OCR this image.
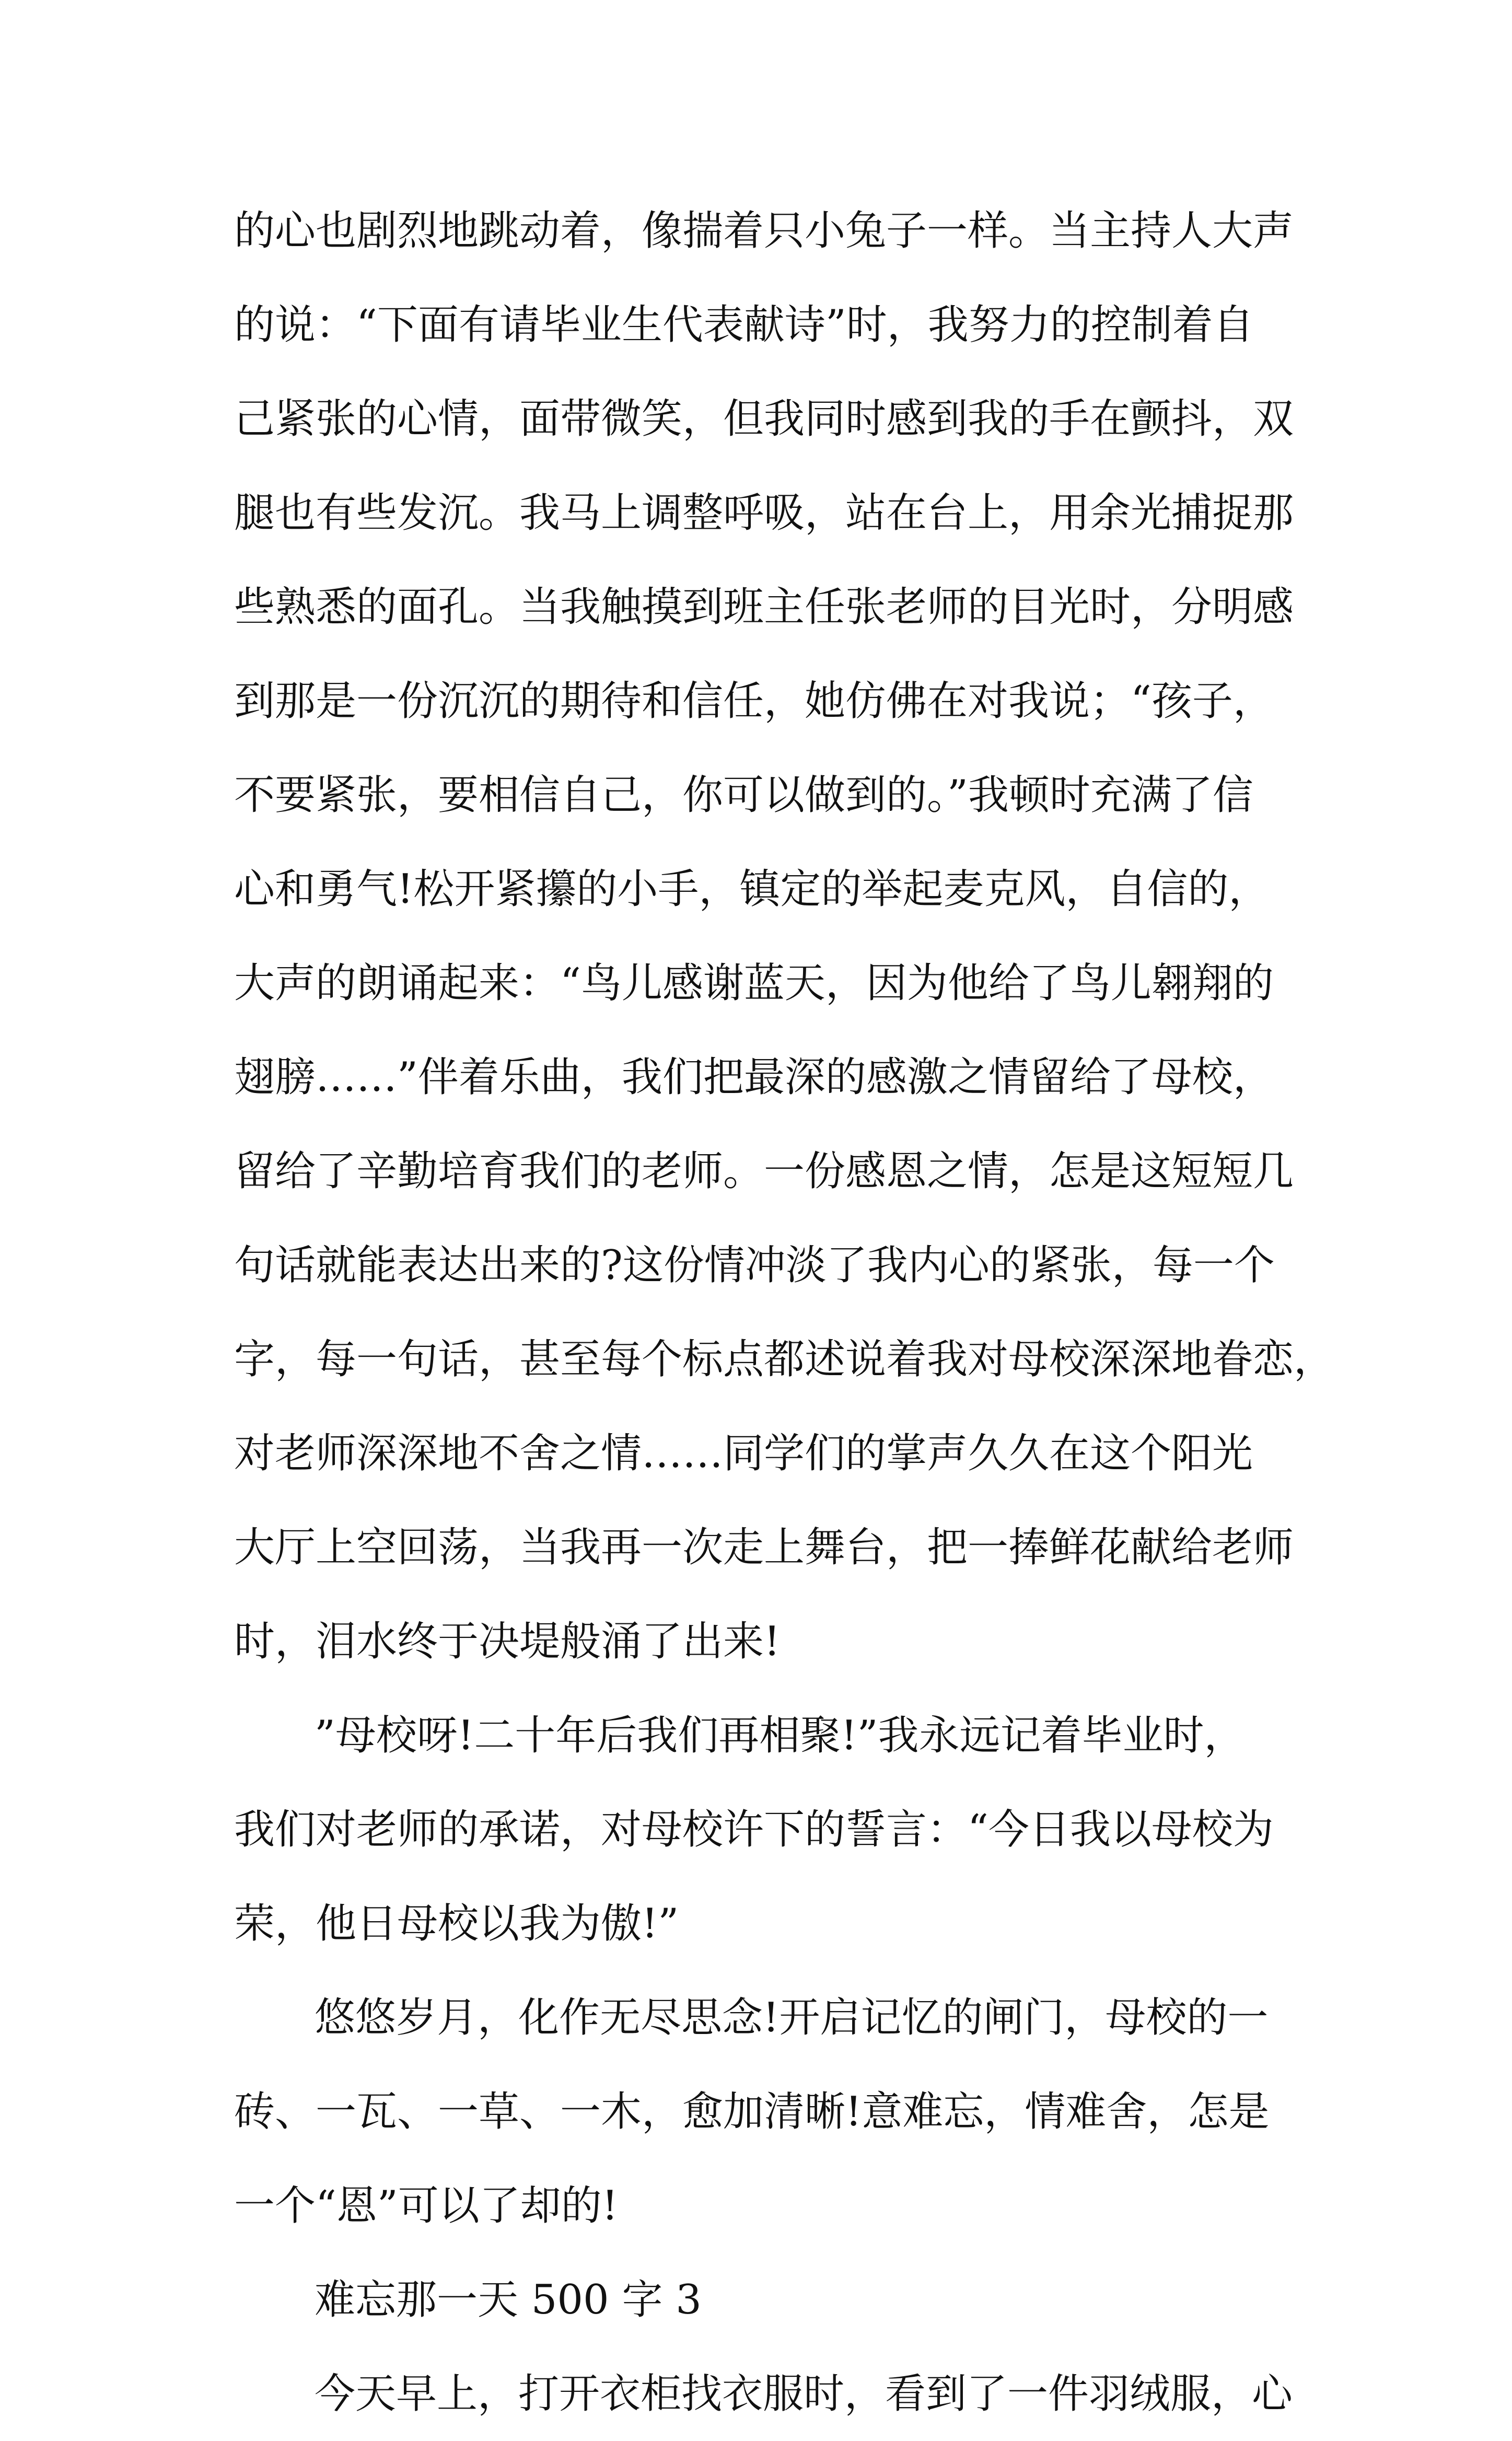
的心也剧烈地跳动着，像揣着只小兔子一样。当主持人大声
的说：“下面有请毕业生代表献诗”时，我努力的控制着自
己紧张的心情，面带微笑，但我同时感到我的手在颤抖，双
腿也有些发沉。我马上调整呼吸，站在台上，用余光捕捉那
些熟悉的面孔。当我触摸到班主任张老师的目光时，分明感
到那是一份沉沉的期待和信任，她仿佛在对我说；“孩子，
不要紧张，要相信自己，你可以做到的。”我顿时充满了信
心和勇气!松开紧攥的小手，镇定的举起麦克风，自信的，
大声的朗诵起来：“鸟儿感谢蓝天，因为他给了鸟儿翱翔的
翅膀……”伴着乐曲，我们把最深的感激之情留给了母校，
留给了辛勤培育我们的老师。一份感恩之情，怎是这短短几
句话就能表达出来的?这份情冲淡了我内心的紧张，每一个
字，每一句话，甚至每个标点都述说着我对母校深深地眷恋，
对老师深深地不舍之情……同学们的掌声久久在这个阳光
大厅上空回荡，当我再一次走上舞台，把一捧鲜花献给老师
时，泪水终于决堤般涌了出来!
”母校呀!二十年后我们再相聚!”我永远记着毕业时，
我们对老师的承诺，对母校许下的誓言：“今日我以母校为
荣，他日母校以我为傲!”
悠悠岁月，化作无尽思念!开启记忆的闸门，母校的一
砖、一瓦、一草、一木，愈加清晰!意难忘，情难舍，怎是
一个“恩”可以了却的!
难忘那一天 500 字 3
今天早上，打开衣柜找衣服时，看到了一件羽绒服，心
